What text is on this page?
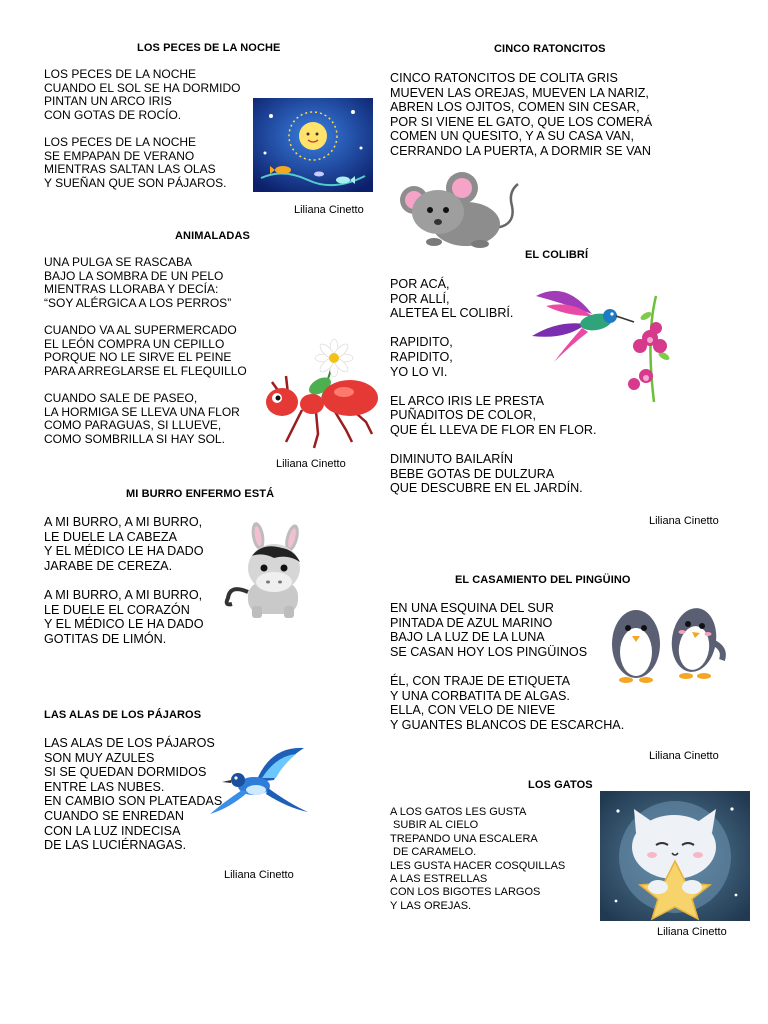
LOS PECES DE LA NOCHE
LOS PECES DE LA NOCHE
CUANDO EL SOL SE HA DORMIDO
PINTAN UN ARCO IRIS
CON GOTAS DE ROCÍO.

LOS PECES DE LA NOCHE
SE EMPAPAN DE VERANO
MIENTRAS SALTAN LAS OLAS
Y SUEÑAN QUE SON PÁJAROS.
Liliana Cinetto
ANIMALADAS
UNA PULGA SE RASCABA
BAJO LA SOMBRA DE UN PELO
MIENTRAS LLORABA Y DECÍA:
“SOY ALÉRGICA A LOS PERROS”

CUANDO VA AL SUPERMERCADO
EL LEÓN COMPRA UN CEPILLO
PORQUE NO LE SIRVE EL PEINE
PARA ARREGLARSE EL FLEQUILLO

CUANDO SALE DE PASEO,
LA HORMIGA SE LLEVA UNA FLOR
COMO PARAGUAS, SI LLUEVE,
COMO SOMBRILLA SI HAY SOL.
Liliana Cinetto
MI BURRO ENFERMO ESTÁ
A MI BURRO, A MI BURRO,
LE DUELE LA CABEZA
Y EL MÉDICO LE HA DADO
JARABE DE CEREZA.

A MI BURRO, A MI BURRO,
LE DUELE EL CORAZÓN
Y EL MÉDICO LE HA DADO
GOTITAS DE LIMÓN.
LAS ALAS DE LOS PÁJAROS
LAS ALAS DE LOS PÁJAROS
SON MUY AZULES
SI SE QUEDAN DORMIDOS
ENTRE LAS NUBES.
EN CAMBIO SON PLATEADAS
CUANDO SE ENREDAN
CON LA LUZ INDECISA
DE LAS LUCIÉRNAGAS.
Liliana Cinetto
CINCO RATONCITOS
CINCO RATONCITOS DE COLITA GRIS
MUEVEN LAS OREJAS, MUEVEN LA NARIZ,
ABREN LOS OJITOS, COMEN SIN CESAR,
POR SI VIENE EL GATO, QUE LOS COMERÁ
COMEN UN QUESITO, Y A SU CASA VAN,
CERRANDO LA PUERTA, A DORMIR SE VAN
EL COLIBRÍ
POR ACÁ,
POR ALLÍ,
ALETEA EL COLIBRÍ.

RAPIDITO,
RAPIDITO,
YO LO VI.

EL ARCO IRIS LE PRESTA
PUÑADITOS DE COLOR,
QUE ÉL LLEVA DE FLOR EN FLOR.

DIMINUTO BAILARÍN
BEBE GOTAS DE DULZURA
QUE DESCUBRE EN EL JARDÍN.
Liliana Cinetto
EL CASAMIENTO DEL PINGÜINO
EN UNA ESQUINA DEL SUR
PINTADA DE AZUL MARINO
BAJO LA LUZ DE LA LUNA
SE CASAN HOY LOS PINGÜINOS

ÉL, CON TRAJE DE ETIQUETA
Y UNA CORBATITA DE ALGAS.
ELLA, CON VELO DE NIEVE
Y GUANTES BLANCOS DE ESCARCHA.
Liliana Cinetto
LOS GATOS
A LOS GATOS LES GUSTA
SUBIR AL CIELO
TREPANDO UNA ESCALERA
DE CARAMELO.
LES GUSTA HACER COSQUILLAS
A LAS ESTRELLAS
CON LOS BIGOTES LARGOS
Y LAS OREJAS.
Liliana Cinetto
